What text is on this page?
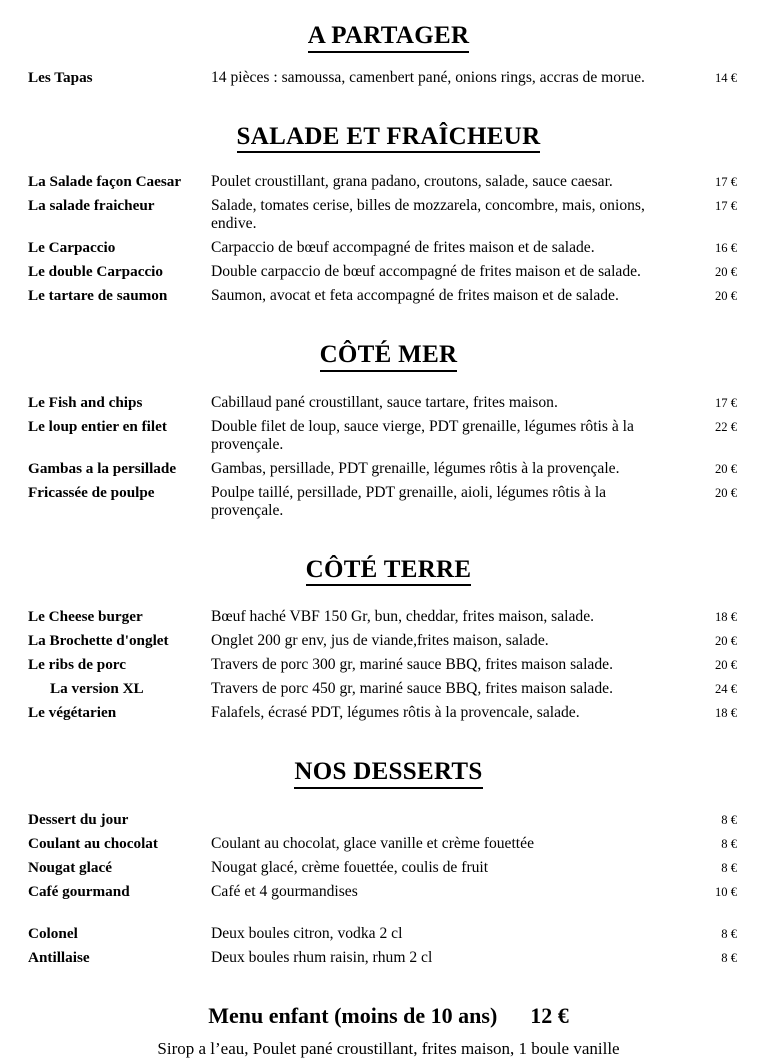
A PARTAGER
Les Tapas	14 pièces : samoussa, camenbert pané, onions rings, accras de morue.	14 €

SALADE ET FRAÎCHEUR
La Salade façon Caesar	Poulet croustillant, grana padano, croutons, salade, sauce caesar.	17 €

La salade fraicheur	Salade, tomates cerise, billes de mozzarela, concombre, mais, onions, endive.	17 €

Le Carpaccio	Carpaccio de bœuf accompagné de frites maison et de salade.	16 €

Le double Carpaccio	Double carpaccio de bœuf accompagné de frites maison et de salade.	20 €

Le tartare de saumon	Saumon, avocat et feta accompagné de frites maison et de salade.	20 €

CÔTÉ MER
Le Fish and chips	Cabillaud pané croustillant, sauce tartare, frites maison.	17 €

Le loup entier en filet	Double filet de loup, sauce vierge, PDT grenaille, légumes rôtis à la provençale.	22 €

Gambas a la persillade	Gambas, persillade, PDT grenaille, légumes rôtis à la provençale.	20 €

Fricassée de poulpe	Poulpe taillé, persillade, PDT grenaille, aioli, légumes rôtis à la provençale.	20 €

CÔTÉ TERRE
Le Cheese burger	Bœuf haché VBF 150 Gr, bun, cheddar, frites maison, salade.	18 €

La Brochette d'onglet	Onglet 200 gr env, jus de viande,frites maison, salade.	20 €

Le ribs de porc	Travers de porc 300 gr, mariné sauce BBQ, frites maison salade.	20 €

La version XL	Travers de porc 450 gr, mariné sauce BBQ, frites maison salade.	24 €

Le végétarien	Falafels, écrasé PDT, légumes rôtis à la provencale, salade.	18 €

NOS DESSERTS
Dessert du jour		8 €

Coulant au chocolat	Coulant au chocolat, glace vanille et crème fouettée	8 €

Nougat glacé	Nougat glacé, crème fouettée, coulis de fruit	8 €

Café gourmand	Café et 4 gourmandises	10 €

Colonel	Deux boules citron, vodka 2 cl	8 €

Antillaise	Deux boules rhum raisin, rhum 2 cl	8 €

Menu enfant (moins de 10 ans)      12 €
Sirop a l’eau, Poulet pané croustillant, frites maison, 1 boule vanille
